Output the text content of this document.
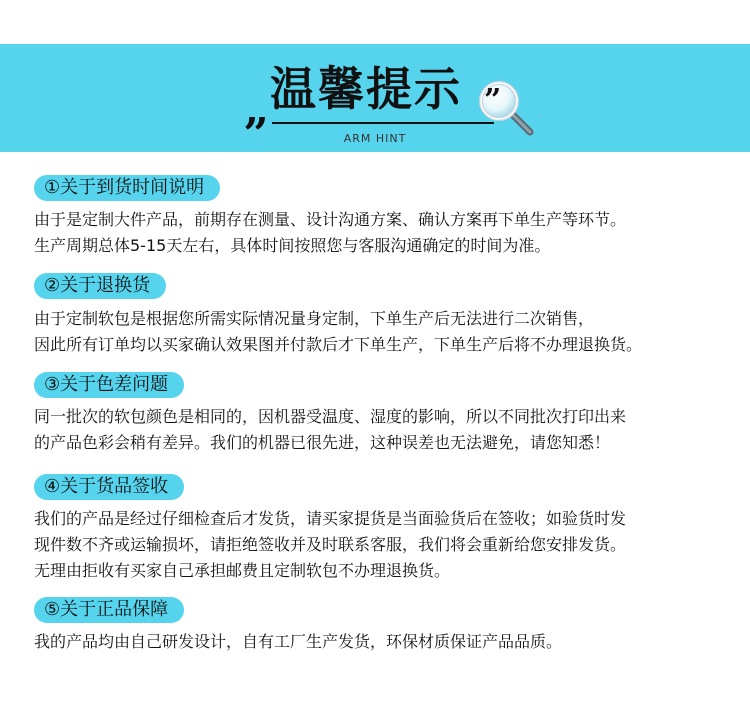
„ 温馨提示 ”
ARM HINT
①关于到货时间说明
由于是定制大件产品，前期存在测量、设计沟通方案、确认方案再下单生产等环节。
生产周期总体5-15天左右，具体时间按照您与客服沟通确定的时间为准。
②关于退换货
由于定制软包是根据您所需实际情况量身定制，下单生产后无法进行二次销售，
因此所有订单均以买家确认效果图并付款后才下单生产，下单生产后将不办理退换货。
③关于色差问题
同一批次的软包颜色是相同的，因机器受温度、湿度的影响，所以不同批次打印出来
的产品色彩会稍有差异。我们的机器已很先进，这种误差也无法避免，请您知悉！
④关于货品签收
我们的产品是经过仔细检查后才发货，请买家提货是当面验货后在签收；如验货时发
现件数不齐或运输损坏，请拒绝签收并及时联系客服，我们将会重新给您安排发货。
无理由拒收有买家自己承担邮费且定制软包不办理退换货。
⑤关于正品保障
我的产品均由自己研发设计，自有工厂生产发货，环保材质保证产品品质。
